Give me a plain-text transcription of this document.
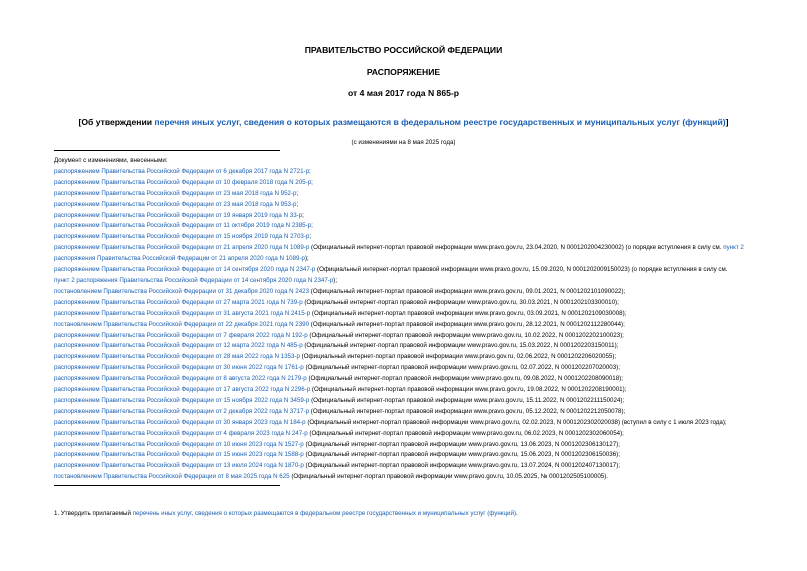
ПРАВИТЕЛЬСТВО РОССИЙСКОЙ ФЕДЕРАЦИИ
РАСПОРЯЖЕНИЕ
от 4 мая 2017 года N 865-р
[Об утверждении перечня иных услуг, сведения о которых размещаются в федеральном реестре государственных и муниципальных услуг (функций)]
(с изменениями на 8 мая 2025 года)
Документ с изменениями, внесенными:
распоряжением Правительства Российской Федерации от 6 декабря 2017 года N 2721-р;
распоряжением Правительства Российской Федерации от 10 февраля 2018 года N 205-р;
распоряжением Правительства Российской Федерации от 23 мая 2018 года N 952-р;
распоряжением Правительства Российской Федерации от 23 мая 2018 года N 953-р;
распоряжением Правительства Российской Федерации от 19 января 2019 года N 33-р;
распоряжением Правительства Российской Федерации от 11 октября 2019 года N 2385-р;
распоряжением Правительства Российской Федерации от 15 ноября 2019 года N 2703-р;
распоряжением Правительства Российской Федерации от 21 апреля 2020 года N 1089-р (Официальный интернет-портал правовой информации www.pravo.gov.ru, 23.04.2020, N 0001202004230002) (о порядке вступления в силу см. пункт 2 распоряжения Правительства Российской Федерации от 21 апреля 2020 года N 1089-р);
распоряжением Правительства Российской Федерации от 14 сентября 2020 года N 2347-р (Официальный интернет-портал правовой информации www.pravo.gov.ru, 15.09.2020, N 0001202009150023) (о порядке вступления в силу см. пункт 2 распоряжения Правительства Российской Федерации от 14 сентября 2020 года N 2347-р);
постановлением Правительства Российской Федерации от 31 декабря 2020 года N 2423 (Официальный интернет-портал правовой информации www.pravo.gov.ru, 09.01.2021, N 0001202101090022);
распоряжением Правительства Российской Федерации от 27 марта 2021 года N 739-р (Официальный интернет-портал правовой информации www.pravo.gov.ru, 30.03.2021, N 0001202103300010);
распоряжением Правительства Российской Федерации от 31 августа 2021 года N 2415-р (Официальный интернет-портал правовой информации www.pravo.gov.ru, 03.09.2021, N 0001202109030008);
постановлением Правительства Российской Федерации от 22 декабря 2021 года N 2390 (Официальный интернет-портал правовой информации www.pravo.gov.ru, 28.12.2021, N 0001202112280044);
распоряжением Правительства Российской Федерации от 7 февраля 2022 года N 192-р (Официальный интернет-портал правовой информации www.pravo.gov.ru, 10.02.2022, N 0001202202100023);
распоряжением Правительства Российской Федерации от 12 марта 2022 года N 485-р (Официальный интернет-портал правовой информации www.pravo.gov.ru, 15.03.2022, N 0001202203150011);
распоряжением Правительства Российской Федерации от 28 мая 2022 года N 1353-р (Официальный интернет-портал правовой информации www.pravo.gov.ru, 02.06.2022, N 0001202206020055);
распоряжением Правительства Российской Федерации от 30 июня 2022 года N 1761-р (Официальный интернет-портал правовой информации www.pravo.gov.ru, 02.07.2022, N 0001202207020003);
распоряжением Правительства Российской Федерации от 8 августа 2022 года N 2179-р (Официальный интернет-портал правовой информации www.pravo.gov.ru, 09.08.2022, N 0001202208090018);
распоряжением Правительства Российской Федерации от 17 августа 2022 года N 2296-р (Официальный интернет-портал правовой информации www.pravo.gov.ru, 19.08.2022, N 0001202208190001);
распоряжением Правительства Российской Федерации от 15 ноября 2022 года N 3459-р (Официальный интернет-портал правовой информации www.pravo.gov.ru, 15.11.2022, N 0001202211150024);
распоряжением Правительства Российской Федерации от 2 декабря 2022 года N 3717-р (Официальный интернет-портал правовой информации www.pravo.gov.ru, 05.12.2022, N 0001202212050078);
распоряжением Правительства Российской Федерации от 30 января 2023 года N 184-р (Официальный интернет-портал правовой информации www.pravo.gov.ru, 02.02.2023, N 0001202302020038) (вступил в силу с 1 июля 2023 года);
распоряжением Правительства Российской Федерации от 4 февраля 2023 года N 247-р (Официальный интернет-портал правовой информации www.pravo.gov.ru, 06.02.2023, N 0001202302060054);
распоряжением Правительства Российской Федерации от 10 июня 2023 года N 1527-р (Официальный интернет-портал правовой информации www.pravo.gov.ru, 13.06.2023, N 0001202306130127);
распоряжением Правительства Российской Федерации от 15 июня 2023 года N 1588-р (Официальный интернет-портал правовой информации www.pravo.gov.ru, 15.06.2023, N 0001202306150036);
распоряжением Правительства Российской Федерации от 13 июля 2024 года N 1870-р (Официальный интернет-портал правовой информации www.pravo.gov.ru, 13.07.2024, N 0001202407130017);
постановлением Правительства Российской Федерации от 8 мая 2025 года N 625 (Официальный интернет-портал правовой информации www.pravo.gov.ru, 10.05.2025, № 0001202505100005).
1. Утвердить прилагаемый перечень иных услуг, сведения о которых размещаются в федеральном реестре государственных и муниципальных услуг (функций).
